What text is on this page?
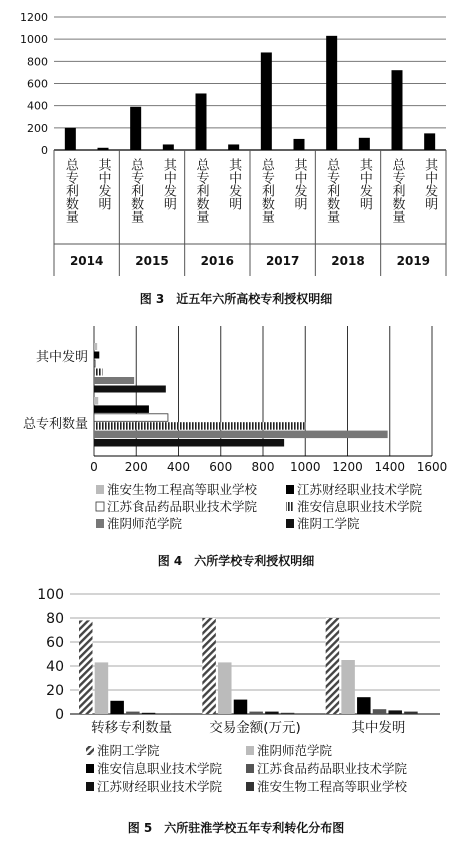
0
200
400
600
800
1000
1200
总专利数量 其中发明
2014
总专利数量 其中发明
2015
总专利数量 其中发明
2016
总专利数量 其中发明
2017
总专利数量 其中发明
2018
总专利数量 其中发明
2019
图 3　近五年六所高校专利授权明细
0 200 400 600 800 1000 1200 1400 1600
其中发明
总专利数量
淮安生物工程高等职业学校	江苏财经职业技术学院
江苏食品药品职业技术学院	淮安信息职业技术学院
淮阴师范学院	淮阴工学院
图 4　六所学校专利授权明细
0
20
40
60
80
100
转移专利数量	交易金额(万元)	其中发明
淮阴工学院	淮阴师范学院
淮安信息职业技术学院	江苏食品药品职业技术学院
江苏财经职业技术学院	淮安生物工程高等职业学校
图 5　六所驻淮学校五年专利转化分布图
